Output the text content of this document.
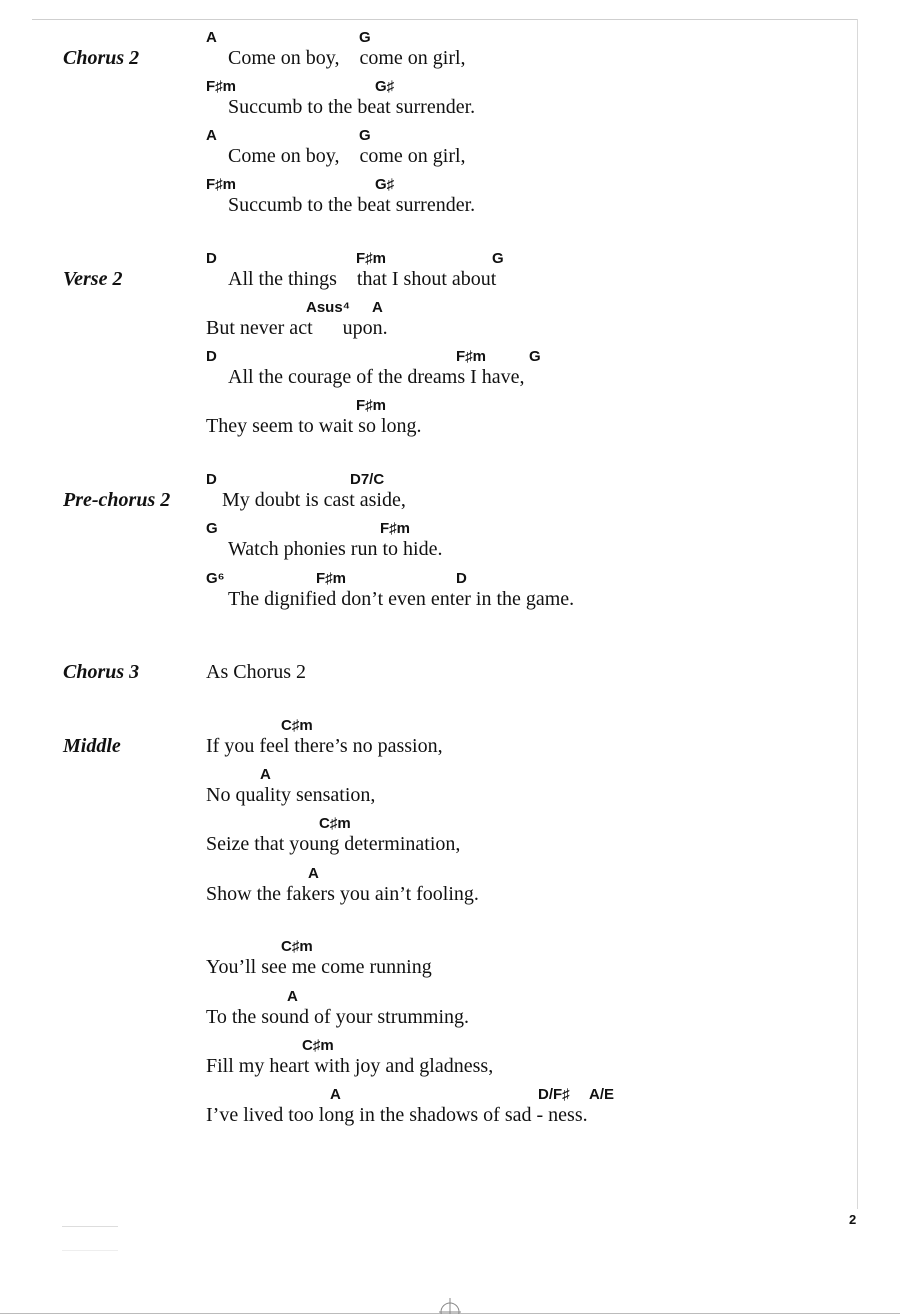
Chorus 2
A	G
Come on boy, come on girl,
F♯m	G♯
Succumb to the beat surrender.
A	G
Come on boy, come on girl,
F♯m	G♯
Succumb to the beat surrender.
Verse 2
D	F♯m	G
All the things that I shout about
Asus⁴ A
But never act  upon.
D	F♯m	G
All the courage of the dreams I have,
F♯m
They seem to wait so long.
Pre-chorus 2
D	D7/C
My doubt is cast aside,
G	F♯m
Watch phonies run to hide.
G⁶	F♯m	D
The dignified don’t even enter in the game.
Chorus 3	As Chorus 2
Middle
C♯m
If you feel there’s no passion,
A
No quality sensation,
C♯m
Seize that young determination,
A
Show the fakers you ain’t fooling.
C♯m
You’ll see me come running
A
To the sound of your strumming.
C♯m
Fill my heart with joy and gladness,
A	D/F♯ A/E
I’ve lived too long in the shadows of sad - ness.
2
